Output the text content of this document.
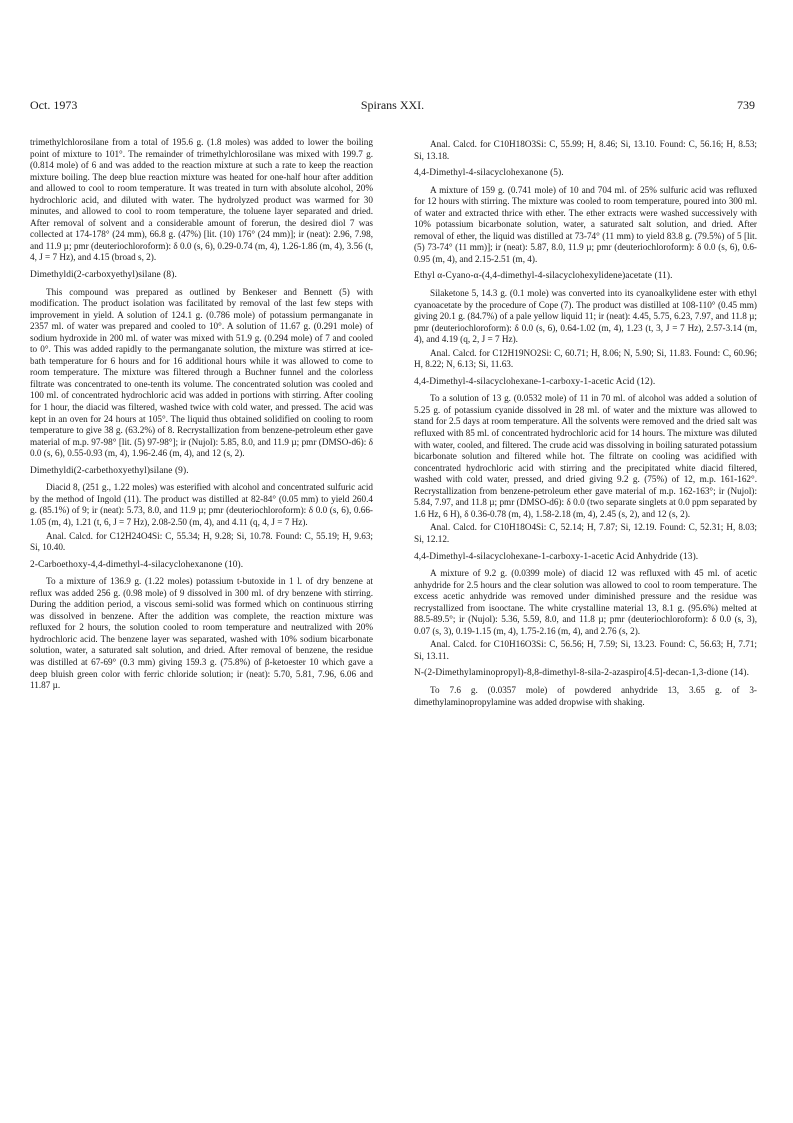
Oct. 1973	Spirans XXI.	739

trimethylchlorosilane from a total of 195.6 g. (1.8 moles) was added to lower the boiling point of mixture to 101°. The remainder of trimethylchlorosilane was mixed with 199.7 g. (0.814 mole) of 6 and was added to the reaction mixture at such a rate to keep the reaction mixture boiling. The deep blue reaction mixture was heated for one-half hour after addition and allowed to cool to room temperature. It was treated in turn with absolute alcohol, 20% hydrochloric acid, and diluted with water. The hydrolyzed product was warmed for 30 minutes, and allowed to cool to room temperature, the toluene layer separated and dried. After removal of solvent and a considerable amount of forerun, the desired diol 7 was collected at 174-178° (24 mm), 66.8 g. (47%) [lit. (10) 176° (24 mm)]; ir (neat): 2.96, 7.98, and 11.9 µ; pmr (deuteriochloroform): δ 0.0 (s, 6), 0.29-0.74 (m, 4), 1.26-1.86 (m, 4), 3.56 (t, 4, J = 7 Hz), and 4.15 (broad s, 2).

Dimethyldi(2-carboxyethyl)silane (8).

This compound was prepared as outlined by Benkeser and Bennett (5) with modification. The product isolation was facilitated by removal of the last few steps with improvement in yield. A solution of 124.1 g. (0.786 mole) of potassium permanganate in 2357 ml. of water was prepared and cooled to 10°. A solution of 11.67 g. (0.291 mole) of sodium hydroxide in 200 ml. of water was mixed with 51.9 g. (0.294 mole) of 7 and cooled to 0°. This was added rapidly to the permanganate solution, the mixture was stirred at ice-bath temperature for 6 hours and for 16 additional hours while it was allowed to come to room temperature. The mixture was filtered through a Buchner funnel and the colorless filtrate was concentrated to one-tenth its volume. The concentrated solution was cooled and 100 ml. of concentrated hydrochloric acid was added in portions with stirring. After cooling for 1 hour, the diacid was filtered, washed twice with cold water, and pressed. The acid was kept in an oven for 24 hours at 105°. The liquid thus obtained solidified on cooling to room temperature to give 38 g. (63.2%) of 8. Recrystallization from benzene-petroleum ether gave material of m.p. 97-98° [lit. (5) 97-98°]; ir (Nujol): 5.85, 8.0, and 11.9 µ; pmr (DMSO-d6): δ 0.0 (s, 6), 0.55-0.93 (m, 4), 1.96-2.46 (m, 4), and 12 (s, 2).

Dimethyldi(2-carbethoxyethyl)silane (9).

Diacid 8, (251 g., 1.22 moles) was esterified with alcohol and concentrated sulfuric acid by the method of Ingold (11). The product was distilled at 82-84° (0.05 mm) to yield 260.4 g. (85.1%) of 9; ir (neat): 5.73, 8.0, and 11.9 µ; pmr (deuteriochloroform): δ 0.0 (s, 6), 0.66-1.05 (m, 4), 1.21 (t, 6, J = 7 Hz), 2.08-2.50 (m, 4), and 4.11 (q, 4, J = 7 Hz).

Anal. Calcd. for C12H24O4Si: C, 55.34; H, 9.28; Si, 10.78. Found: C, 55.19; H, 9.63; Si, 10.40.

2-Carboethoxy-4,4-dimethyl-4-silacyclohexanone (10).

To a mixture of 136.9 g. (1.22 moles) potassium t-butoxide in 1 l. of dry benzene at reflux was added 256 g. (0.98 mole) of 9 dissolved in 300 ml. of dry benzene with stirring. During the addition period, a viscous semi-solid was formed which on continuous stirring was dissolved in benzene. After the addition was complete, the reaction mixture was refluxed for 2 hours, the solution cooled to room temperature and neutralized with 20% hydrochloric acid. The benzene layer was separated, washed with 10% sodium bicarbonate solution, water, a saturated salt solution, and dried. After removal of benzene, the residue was distilled at 67-69° (0.3 mm) giving 159.3 g. (75.8%) of β-ketoester 10 which gave a deep bluish green color with ferric chloride solution; ir (neat): 5.70, 5.81, 7.96, 6.06 and 11.87 µ.

Anal. Calcd. for C10H18O3Si: C, 55.99; H, 8.46; Si, 13.10. Found: C, 56.16; H, 8.53; Si, 13.18.

4,4-Dimethyl-4-silacyclohexanone (5).

A mixture of 159 g. (0.741 mole) of 10 and 704 ml. of 25% sulfuric acid was refluxed for 12 hours with stirring. The mixture was cooled to room temperature, poured into 300 ml. of water and extracted thrice with ether. The ether extracts were washed successively with 10% potassium bicarbonate solution, water, a saturated salt solution, and dried. After removal of ether, the liquid was distilled at 73-74° (11 mm) to yield 83.8 g. (79.5%) of 5 [lit. (5) 73-74° (11 mm)]; ir (neat): 5.87, 8.0, 11.9 µ; pmr (deuteriochloroform): δ 0.0 (s, 6), 0.6-0.95 (m, 4), and 2.15-2.51 (m, 4).

Ethyl α-Cyano-α-(4,4-dimethyl-4-silacyclohexylidene)acetate (11).

Silaketone 5, 14.3 g. (0.1 mole) was converted into its cyanoalkylidene ester with ethyl cyanoacetate by the procedure of Cope (7). The product was distilled at 108-110° (0.45 mm) giving 20.1 g. (84.7%) of a pale yellow liquid 11; ir (neat): 4.45, 5.75, 6.23, 7.97, and 11.8 µ; pmr (deuteriochloroform): δ 0.0 (s, 6), 0.64-1.02 (m, 4), 1.23 (t, 3, J = 7 Hz), 2.57-3.14 (m, 4), and 4.19 (q, 2, J = 7 Hz).

Anal. Calcd. for C12H19NO2Si: C, 60.71; H, 8.06; N, 5.90; Si, 11.83. Found: C, 60.96; H, 8.22; N, 6.13; Si, 11.63.

4,4-Dimethyl-4-silacyclohexane-1-carboxy-1-acetic Acid (12).

To a solution of 13 g. (0.0532 mole) of 11 in 70 ml. of alcohol was added a solution of 5.25 g. of potassium cyanide dissolved in 28 ml. of water and the mixture was allowed to stand for 2.5 days at room temperature. All the solvents were removed and the dried salt was refluxed with 85 ml. of concentrated hydrochloric acid for 14 hours. The mixture was diluted with water, cooled, and filtered. The crude acid was dissolving in boiling saturated potassium bicarbonate solution and filtered while hot. The filtrate on cooling was acidified with concentrated hydrochloric acid with stirring and the precipitated white diacid filtered, washed with cold water, pressed, and dried giving 9.2 g. (75%) of 12, m.p. 161-162°. Recrystallization from benzene-petroleum ether gave material of m.p. 162-163°; ir (Nujol): 5.84, 7.97, and 11.8 µ; pmr (DMSO-d6): δ 0.0 (two separate singlets at 0.0 ppm separated by 1.6 Hz, 6 H), δ 0.36-0.78 (m, 4), 1.58-2.18 (m, 4), 2.45 (s, 2), and 12 (s, 2).

Anal. Calcd. for C10H18O4Si: C, 52.14; H, 7.87; Si, 12.19. Found: C, 52.31; H, 8.03; Si, 12.12.

4,4-Dimethyl-4-silacyclohexane-1-carboxy-1-acetic Acid Anhydride (13).

A mixture of 9.2 g. (0.0399 mole) of diacid 12 was refluxed with 45 ml. of acetic anhydride for 2.5 hours and the clear solution was allowed to cool to room temperature. The excess acetic anhydride was removed under diminished pressure and the residue was recrystallized from isooctane. The white crystalline material 13, 8.1 g. (95.6%) melted at 88.5-89.5°; ir (Nujol): 5.36, 5.59, 8.0, and 11.8 µ; pmr (deuteriochloroform): δ 0.0 (s, 3), 0.07 (s, 3), 0.19-1.15 (m, 4), 1.75-2.16 (m, 4), and 2.76 (s, 2).

Anal. Calcd. for C10H16O3Si: C, 56.56; H, 7.59; Si, 13.23. Found: C, 56.63; H, 7.71; Si, 13.11.

N-(2-Dimethylaminopropyl)-8,8-dimethyl-8-sila-2-azaspiro[4.5]-decan-1,3-dione (14).

To 7.6 g. (0.0357 mole) of powdered anhydride 13, 3.65 g. of 3-dimethylaminopropylamine was added dropwise with shaking.
